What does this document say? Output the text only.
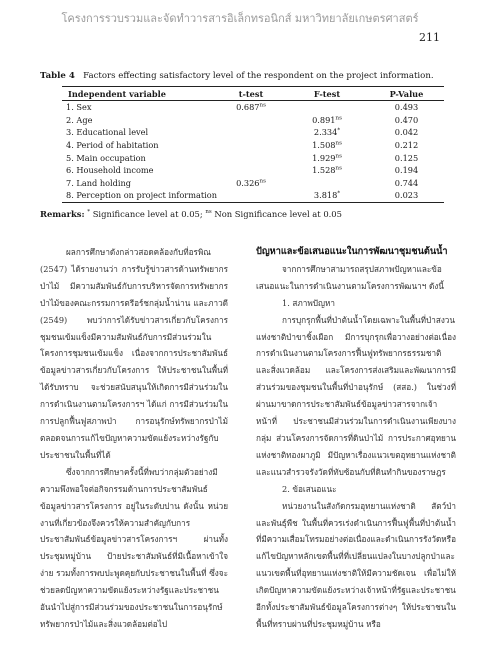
โครงการรวบรวมและจัดทำวารสารอิเล็กทรอนิกส์ มหาวิทยาลัยเกษตรศาสตร์
211
Table 4 Factors effecting satisfactory level of the respondent on the project information.
Independent variable	t-test	F-test	P-Value
1. Sex	$0.687^{ns}$		0.493
2. Age		$0.891^{ns}$	0.470
3. Educational level		2.334*	0.042
4. Period of habitation		$1.508^{ns}$	0.212
5. Main occupation		$1.929^{ns}$	0.125
6. Household income		$1.528^{ns}$	0.194
7. Land holding	$0.326^{ns}$		0.744
8. Perception on project information		3.818*	0.023
Remarks: * Significance level at 0.05; $^{ns}$ Non Significance level at 0.05

ผลการศึกษาดังกล่าวสอดคล้องกับที่อรพิณ (2547) ได้รายงานว่า การรับรู้ข่าวสารด้านทรัพยากรป่าไม้ มีความสัมพันธ์กับการบริหารจัดการทรัพยากรป่าไม้ของคณะกรรมการตรีอร์ชกลุ่มน้ำน่าน และภาวดี (2549) พบว่าการได้รับข่าวสารเกี่ยวกับโครงการชุมชนเข้มแข็งมีความสัมพันธ์กับการมีส่วนร่วมในโครงการชุมชนเข้มแข็ง เนื่องจากการประชาสัมพันธ์ข้อมูลข่าวสารเกี่ยวกับโครงการ ให้ประชาชนในพื้นที่ได้รับทราบ จะช่วยสนับสนุนให้เกิดการมีส่วนร่วมในการดำเนินงานตามโครงการฯ ได้แก่ การมีส่วนร่วมในการปลูกฟื้นฟูสภาพป่า การอนุรักษ์ทรัพยากรป่าไม้ตลอดจนการแก้ไขปัญหาความขัดแย้งระหว่างรัฐกับประชาชนในพื้นที่ได้

ซึ่งจากการศึกษาครั้งนี้ที่พบว่ากลุ่มตัวอย่างมีความพึงพอใจต่อกิจกรรมด้านการประชาสัมพันธ์ข้อมูลข่าวสารโครงการ อยู่ในระดับปาน ดังนั้น หน่วยงานที่เกี่ยวข้องจึงควรให้ความสำคัญกับการประชาสัมพันธ์ข้อมูลข่าวสารโครงการฯ ผ่านทั้งประชุมหมู่บ้าน ป้ายประชาสัมพันธ์ที่มีเนื้อหาเข้าใจง่าย รวมทั้งการพบปะพูดคุยกับประชาชนในพื้นที่ ซึ่งจะช่วยลดปัญหาความขัดแย้งระหว่างรัฐและประชาชน อันนำไปสู่การมีส่วนร่วมของประชาชนในการอนุรักษ์ทรัพยากรป่าไม้และสิ่งแวดล้อมต่อไป

ปัญหาและข้อเสนอแนะในการพัฒนาชุมชนต้นน้ำ

จากการศึกษาสามารถสรุปสภาพปัญหาและข้อเสนอแนะในการดำเนินงานตามโครงการพัฒนาฯ ดังนี้

1. สภาพปัญหา

การบุกรุกพื้นที่ป่าต้นน้ำโดยเฉพาะในพื้นที่ป่าสงวนแห่งชาติป่าขาชิ้งเผือก มีการบุกรุกเพื่อวางอย่างต่อเนื่องการดำเนินงานตามโครงการฟื้นฟูทรัพยากรธรรมชาติและสิ่งแวดล้อม และโครงการส่งเสริมและพัฒนาการมีส่วนร่วมของชุมชนในพื้นที่ป่าอนุรักษ์ (สสอ.) ในช่วงที่ผ่านมาขาดการประชาสัมพันธ์ข้อมูลข่าวสารจากเจ้าหน้าที่ ประชาชนมีส่วนร่วมในการดำเนินงานเพียงบางกลุ่ม ส่วนโครงการจัดการที่ดินป่าไม้ การประกาศอุทยานแห่งชาติทองผาภูมิ มีปัญหาเรื่องแนวเขตอุทยานแห่งชาติและแนวสำรวจรังวัดที่ทับซ้อนกับที่ดินทำกินของราษฎร

2. ข้อเสนอแนะ

หน่วยงานในสังกัดกรมอุทยานแห่งชาติ สัตว์ป่าและพันธุ์พืช ในพื้นที่ควรเร่งดำเนินการฟื้นฟูพื้นที่ป่าต้นน้ำที่มีความเสื่อมโทรมอย่างต่อเนื่องและดำเนินการรังวัดหรือแก้ไขปัญหาหลักเขตพื้นที่ที่เปลี่ยนแปลงในบางปลูกป่าและแนวเขตพื้นที่อุทยานแห่งชาติให้มีความชัดเจน เพื่อไม่ให้เกิดปัญหาความขัดแย้งระหว่างเจ้าหน้าที่รัฐและประชาชน อีกทั้งประชาสัมพันธ์ข้อมูลโครงการต่างๆ ให้ประชาชนในพื้นที่ทราบผ่านที่ประชุมหมู่บ้าน หรือ
